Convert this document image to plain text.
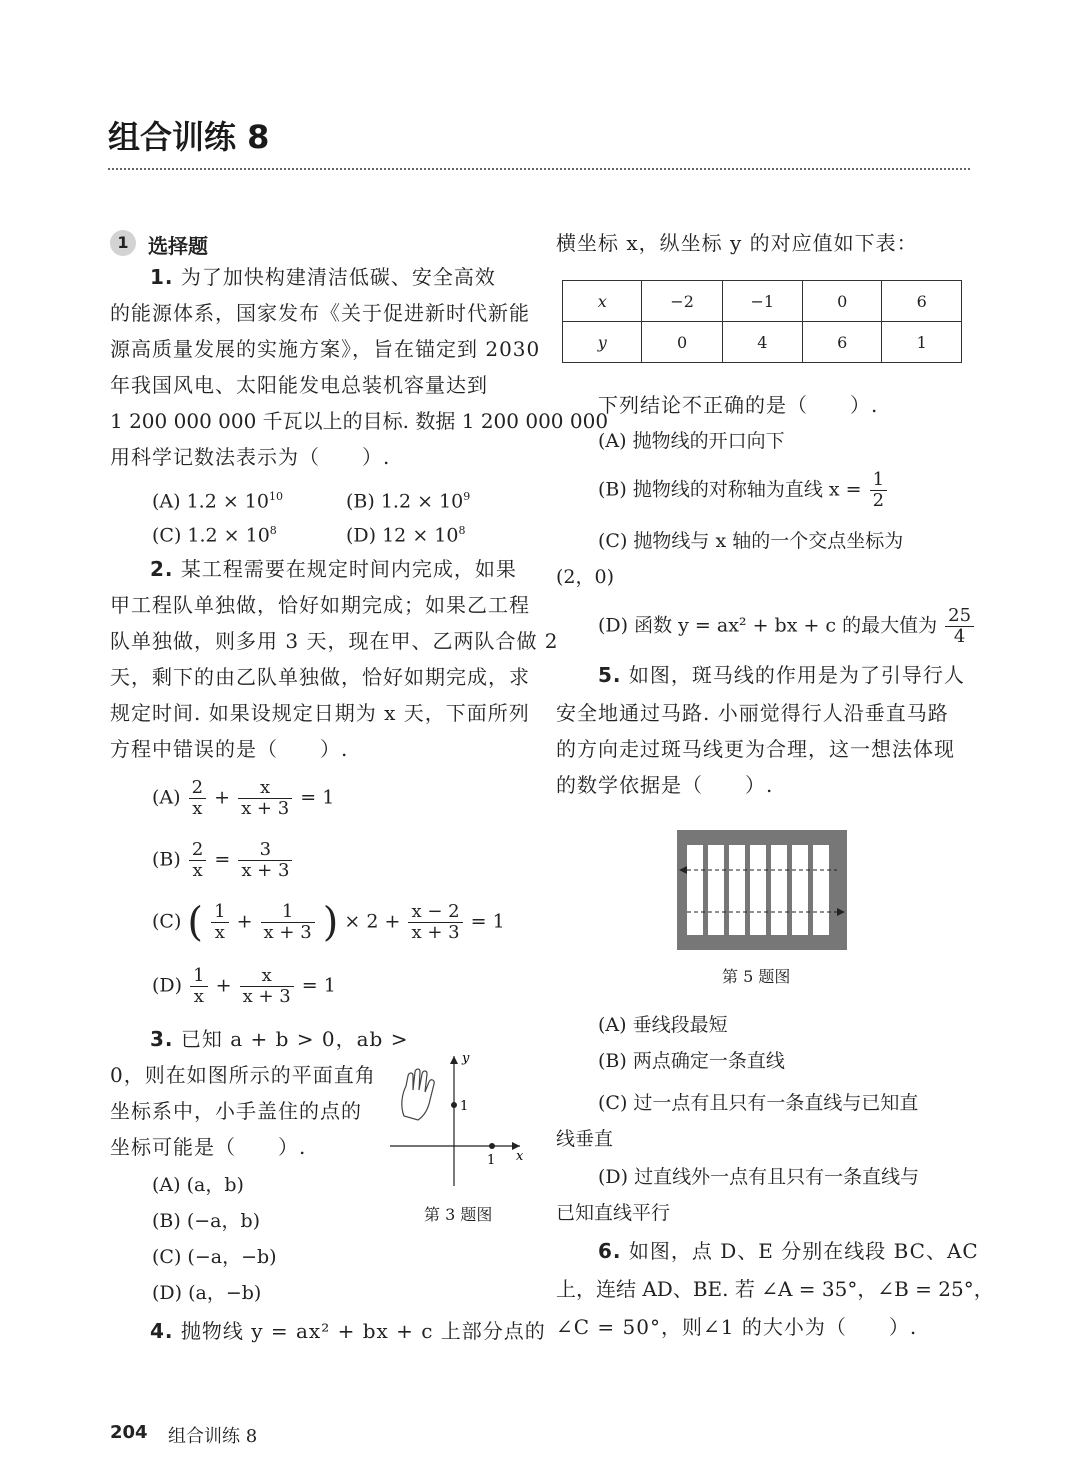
组合训练 8
1 选择题
1. 为了加快构建清洁低碳、安全高效
的能源体系，国家发布《关于促进新时代新能
源高质量发展的实施方案》，旨在锚定到 2030
年我国风电、太阳能发电总装机容量达到
1 200 000 000 千瓦以上的目标. 数据 1 200 000 000
用科学记数法表示为（　　）.
(A) $1.2 \times 10^{10}$	(B) $1.2 \times 10^9$
(C) $1.2 \times 10^8$	(D) $12 \times 10^8$
2. 某工程需要在规定时间内完成，如果
甲工程队单独做，恰好如期完成；如果乙工程
队单独做，则多用 3 天，现在甲、乙两队合做 2
天，剩下的由乙队单独做，恰好如期完成，求
规定时间. 如果设规定日期为 x 天，下面所列
方程中错误的是（　　）.
$(A) \frac{2}{x} + \frac{x}{x + 3} = 1$
$(B) \frac{2}{x} = \frac{3}{x + 3}$
(C) ( $\frac{1}{x} + \frac{1}{x + 3}$ ) × $2 + \frac{x - 2}{x + 3} = 1$
$(D) \frac{1}{x} + \frac{x}{x + 3} = 1$
3. 已知 a + b > 0，ab >
0，则在如图所示的平面直角
坐标系中，小手盖住的点的
坐标可能是（　　）.
(A) (a，b)
(B) (−a，b)
(C) (−a，−b)
(D) (a，−b)
y
x
1
1
第 3 题图
4. 抛物线 y = ax² + bx + c 上部分点的
横坐标 x，纵坐标 y 的对应值如下表：
x	−2	−1	0	6
y	0	4	6	1
下列结论不正确的是（　　）.
(A) 抛物线的开口向下
(B) 抛物线的对称轴为直线 $x = \frac{1}{2}$
(C) 抛物线与 x 轴的一个交点坐标为
(2，0)
(D) 函数 y = ax² + bx + c 的最大值为 $\frac{25}{4}$
5. 如图，斑马线的作用是为了引导行人
安全地通过马路. 小丽觉得行人沿垂直马路
的方向走过斑马线更为合理，这一想法体现
的数学依据是（　　）.
第 5 题图
(A) 垂线段最短
(B) 两点确定一条直线
(C) 过一点有且只有一条直线与已知直
线垂直
(D) 过直线外一点有且只有一条直线与
已知直线平行
6. 如图，点 D、E 分别在线段 BC、AC
上，连结 AD、BE. 若 ∠A = 35°，∠B = 25°，
∠C = 50°，则∠1 的大小为（　　）.
204 组合训练 8
